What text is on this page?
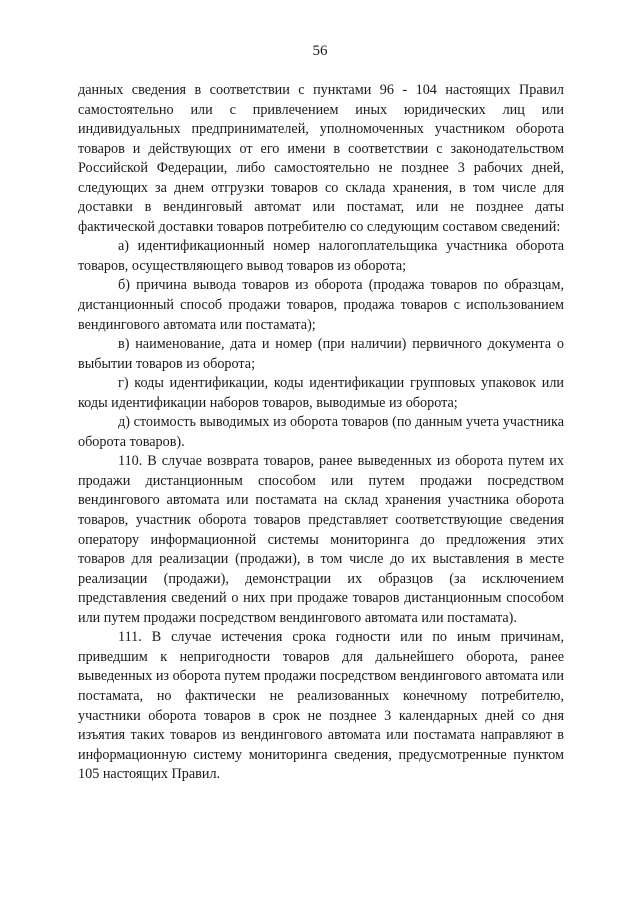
56

данных сведения в соответствии с пунктами 96 - 104 настоящих Правил самостоятельно или с привлечением иных юридических лиц или индивидуальных предпринимателей, уполномоченных участником оборота товаров и действующих от его имени в соответствии с законодательством Российской Федерации, либо самостоятельно не позднее 3 рабочих дней, следующих за днем отгрузки товаров со склада хранения, в том числе для доставки в вендинговый автомат или постамат, или не позднее даты фактической доставки товаров потребителю со следующим составом сведений:

а) идентификационный номер налогоплательщика участника оборота товаров, осуществляющего вывод товаров из оборота;

б) причина вывода товаров из оборота (продажа товаров по образцам, дистанционный способ продажи товаров, продажа товаров с использованием вендингового автомата или постамата);

в) наименование, дата и номер (при наличии) первичного документа о выбытии товаров из оборота;

г) коды идентификации, коды идентификации групповых упаковок или коды идентификации наборов товаров, выводимые из оборота;

д) стоимость выводимых из оборота товаров (по данным учета участника оборота товаров).

110. В случае возврата товаров, ранее выведенных из оборота путем их продажи дистанционным способом или путем продажи посредством вендингового автомата или постамата на склад хранения участника оборота товаров, участник оборота товаров представляет соответствующие сведения оператору информационной системы мониторинга до предложения этих товаров для реализации (продажи), в том числе до их выставления в месте реализации (продажи), демонстрации их образцов (за исключением представления сведений о них при продаже товаров дистанционным способом или путем продажи посредством вендингового автомата или постамата).

111. В случае истечения срока годности или по иным причинам, приведшим к непригодности товаров для дальнейшего оборота, ранее выведенных из оборота путем продажи посредством вендингового автомата или постамата, но фактически не реализованных конечному потребителю, участники оборота товаров в срок не позднее 3 календарных дней со дня изъятия таких товаров из вендингового автомата или постамата направляют в информационную систему мониторинга сведения, предусмотренные пунктом 105 настоящих Правил.
